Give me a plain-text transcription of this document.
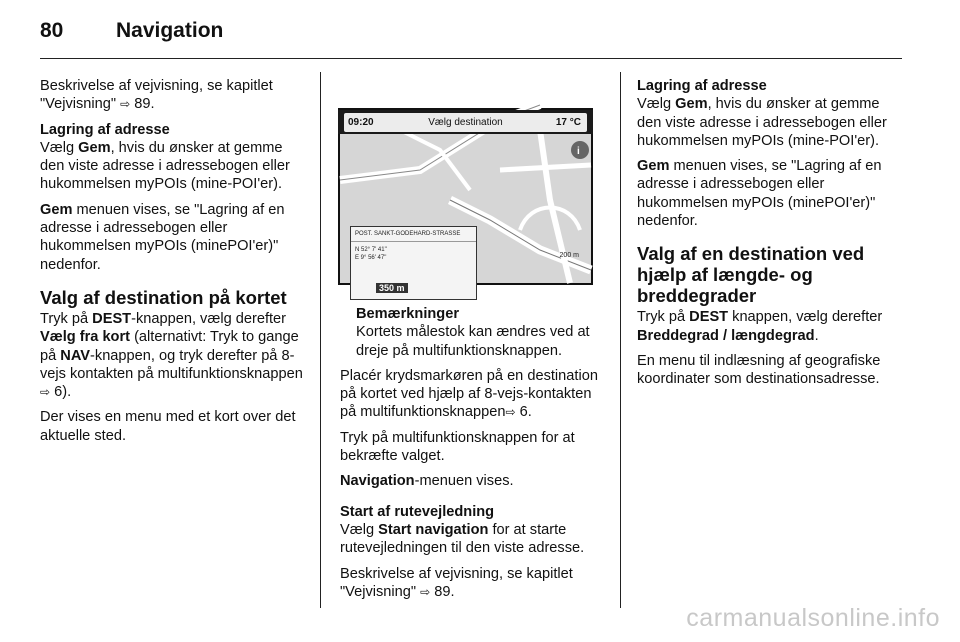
80	Navigation

Beskrivelse af vejvisning, se kapitlet "Vejvisning" ⇨ 89.

Lagring af adresse

Vælg Gem, hvis du ønsker at gemme den viste adresse i adressebogen eller hukommelsen myPOIs (mine-POI'er).

Gem menuen vises, se "Lagring af en adresse i adressebogen eller hukommelsen myPOIs (minePOI'er)" nedenfor.

Valg af destination på kortet

Tryk på DEST-knappen, vælg derefter Vælg fra kort (alternativt: Tryk to gange på NAV-knappen, og tryk derefter på 8-vejs kontakten på multifunktionsknappen ⇨ 6).

Der vises en menu med et kort over det aktuelle sted.

i
POST. SANKT-GODEHARD-STRASSE
N 52° 7' 41"
E 9° 56' 47"
350 m
200 m
09:20	Vælg destination	17 °C
Bemærkninger

Kortets målestok kan ændres ved at dreje på multifunktionsknappen.

Placér krydsmarkøren på en destination på kortet ved hjælp af 8-vejs-kontakten på multifunktionsknappen⇨ 6.

Tryk på multifunktionsknappen for at bekræfte valget.

Navigation-menuen vises.

Start af rutevejledning

Vælg Start navigation for at starte rutevejledningen til den viste adresse.

Beskrivelse af vejvisning, se kapitlet "Vejvisning" ⇨ 89.

Lagring af adresse

Vælg Gem, hvis du ønsker at gemme den viste adresse i adressebogen eller hukommelsen myPOIs (mine-POI'er).

Gem menuen vises, se "Lagring af en adresse i adressebogen eller hukommelsen myPOIs (minePOI'er)" nedenfor.

Valg af en destination ved hjælp af længde- og breddegrader

Tryk på DEST knappen, vælg derefter Breddegrad / længdegrad.

En menu til indlæsning af geografiske koordinater som destinationsadresse.

carmanualsonline.info
